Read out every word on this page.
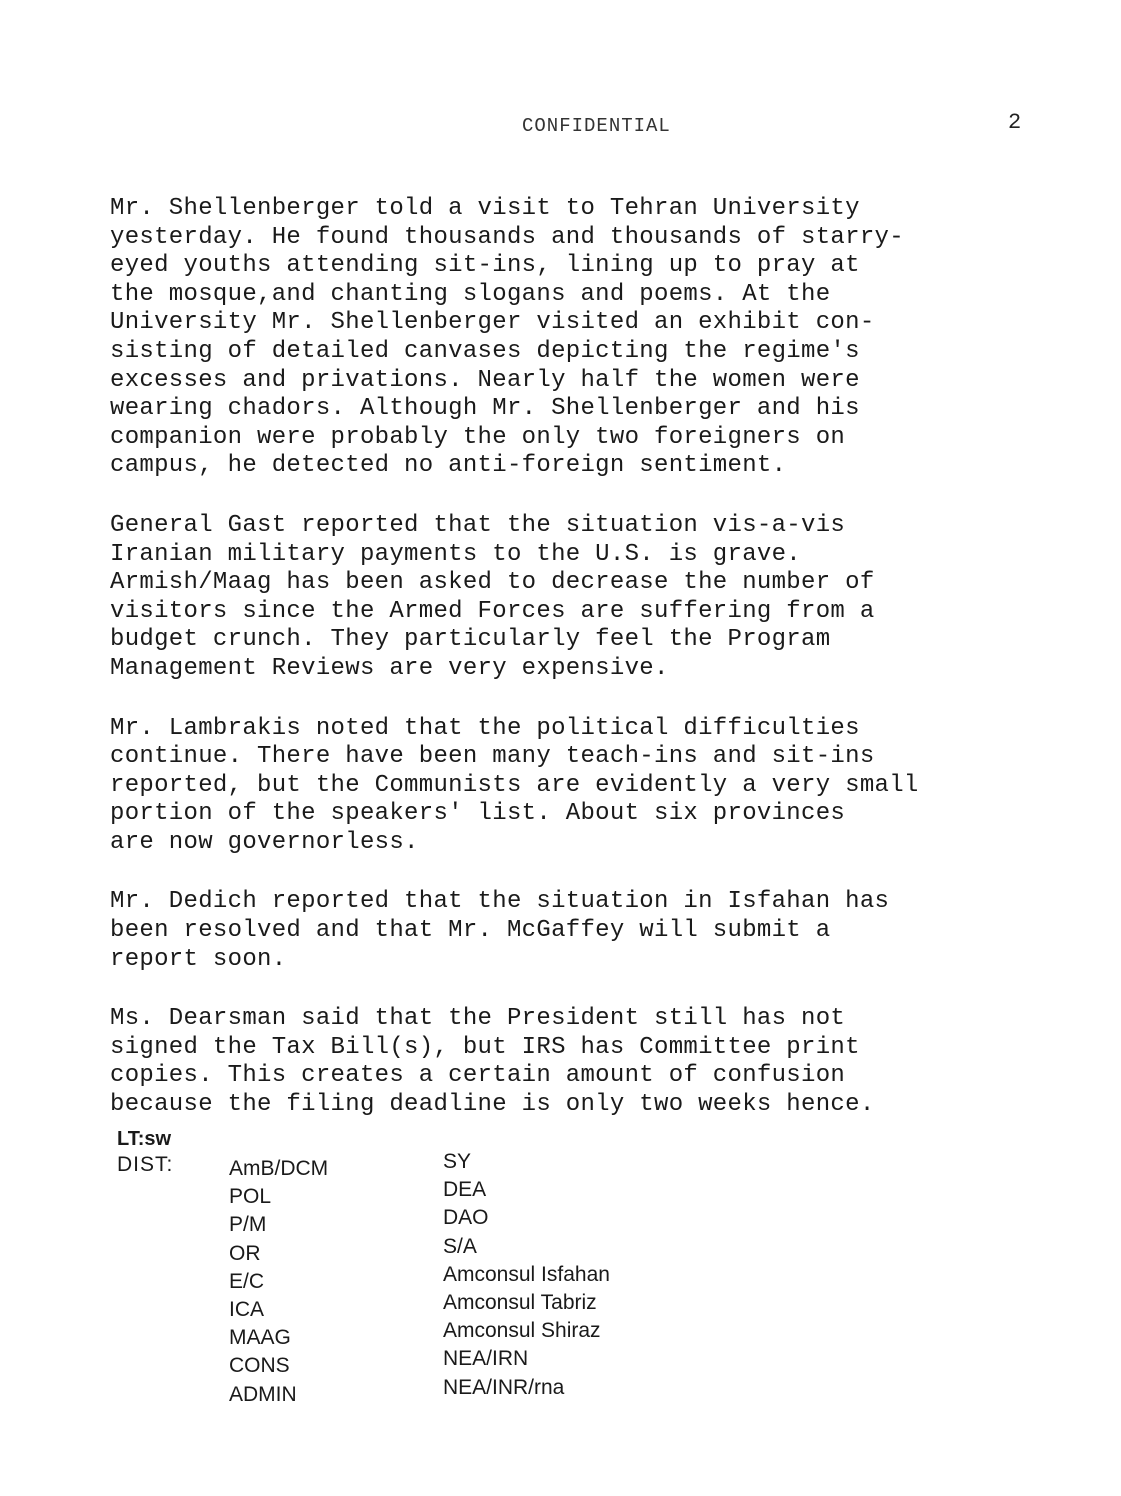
CONFIDENTIAL	2

Mr. Shellenberger told a visit to Tehran University
yesterday. He found thousands and thousands of starry-
eyed youths attending sit-ins, lining up to pray at
the mosque,and chanting slogans and poems. At the
University Mr. Shellenberger visited an exhibit con-
sisting of detailed canvases depicting the regime's
excesses and privations. Nearly half the women were
wearing chadors. Although Mr. Shellenberger and his
companion were probably the only two foreigners on
campus, he detected no anti-foreign sentiment.

General Gast reported that the situation vis-a-vis
Iranian military payments to the U.S. is grave.
Armish/Maag has been asked to decrease the number of
visitors since the Armed Forces are suffering from a
budget crunch. They particularly feel the Program
Management Reviews are very expensive.

Mr. Lambrakis noted that the political difficulties
continue. There have been many teach-ins and sit-ins
reported, but the Communists are evidently a very small
portion of the speakers' list. About six provinces
are now governorless.

Mr. Dedich reported that the situation in Isfahan has
been resolved and that Mr. McGaffey will submit a
report soon.

Ms. Dearsman said that the President still has not
signed the Tax Bill(s), but IRS has Committee print
copies. This creates a certain amount of confusion
because the filing deadline is only two weeks hence.

LT:sw
DIST:	AmB/DCM
POL
P/M
OR
E/C
ICA
MAAG
CONS
ADMIN
SY
DEA
DAO
S/A
Amconsul Isfahan
Amconsul Tabriz
Amconsul Shiraz
NEA/IRN
NEA/INR/rna
